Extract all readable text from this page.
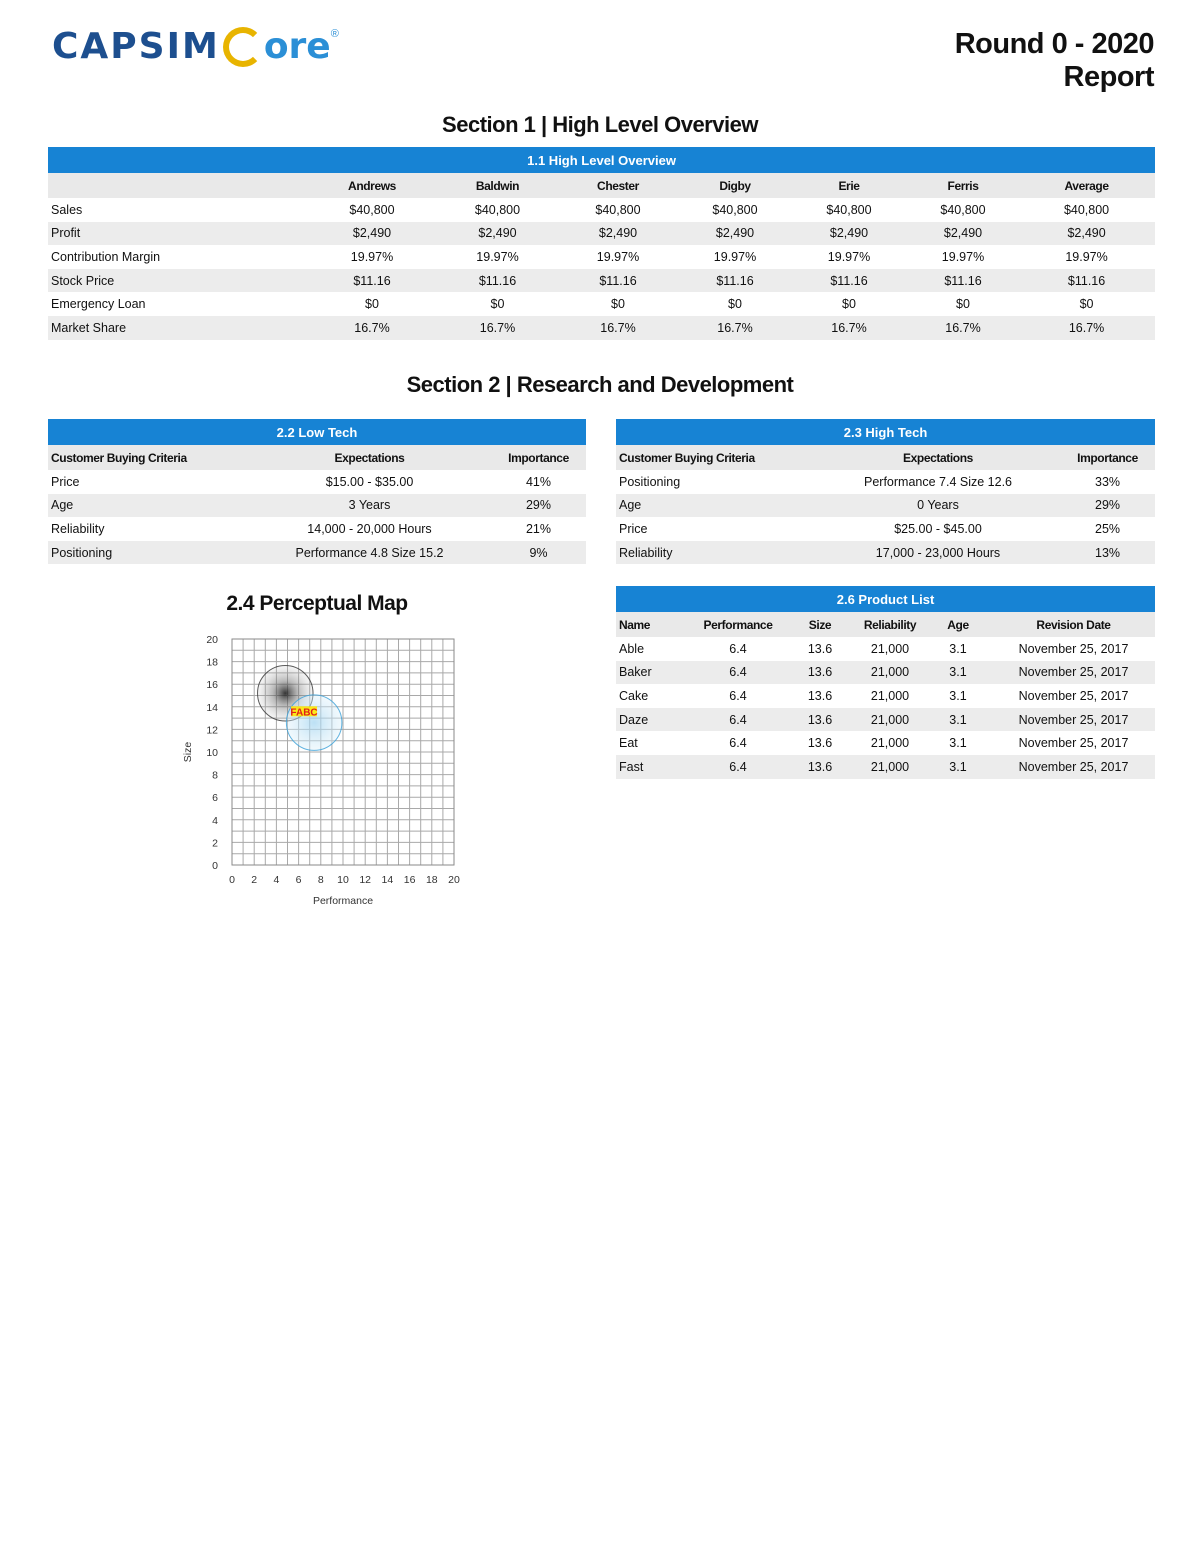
CAPSIM ore ®	Round 0 - 2020
Report
Section 1 | High Level Overview
1.1 High Level Overview							
	Andrews	Baldwin	Chester	Digby	Erie	Ferris	Average
Sales	$40,800	$40,800	$40,800	$40,800	$40,800	$40,800	$40,800
Profit	$2,490	$2,490	$2,490	$2,490	$2,490	$2,490	$2,490
Contribution Margin	19.97%	19.97%	19.97%	19.97%	19.97%	19.97%	19.97%
Stock Price	$11.16	$11.16	$11.16	$11.16	$11.16	$11.16	$11.16
Emergency Loan	$0	$0	$0	$0	$0	$0	$0
Market Share	16.7%	16.7%	16.7%	16.7%	16.7%	16.7%	16.7%
Section 2 | Research and Development
2.2 Low Tech		
Customer Buying Criteria	Expectations	Importance
Price	$15.00 - $35.00	41%
Age	3 Years	29%
Reliability	14,000 - 20,000 Hours	21%
Positioning	Performance 4.8 Size 15.2	9%
2.3 High Tech		
Customer Buying Criteria	Expectations	Importance
Positioning	Performance 7.4 Size 12.6	33%
Age	0 Years	29%
Price	$25.00 - $45.00	25%
Reliability	17,000 - 23,000 Hours	13%
2.4 Perceptual Map
FABC
0
2
4
6
8
10
12
14
16
18
20
0 2 4 6 8 10 12 14 16 18 20
Performance
Size
2.6 Product List					
Name	Performance	Size	Reliability	Age	Revision Date
Able	6.4	13.6	21,000	3.1	November 25, 2017
Baker	6.4	13.6	21,000	3.1	November 25, 2017
Cake	6.4	13.6	21,000	3.1	November 25, 2017
Daze	6.4	13.6	21,000	3.1	November 25, 2017
Eat	6.4	13.6	21,000	3.1	November 25, 2017
Fast	6.4	13.6	21,000	3.1	November 25, 2017
